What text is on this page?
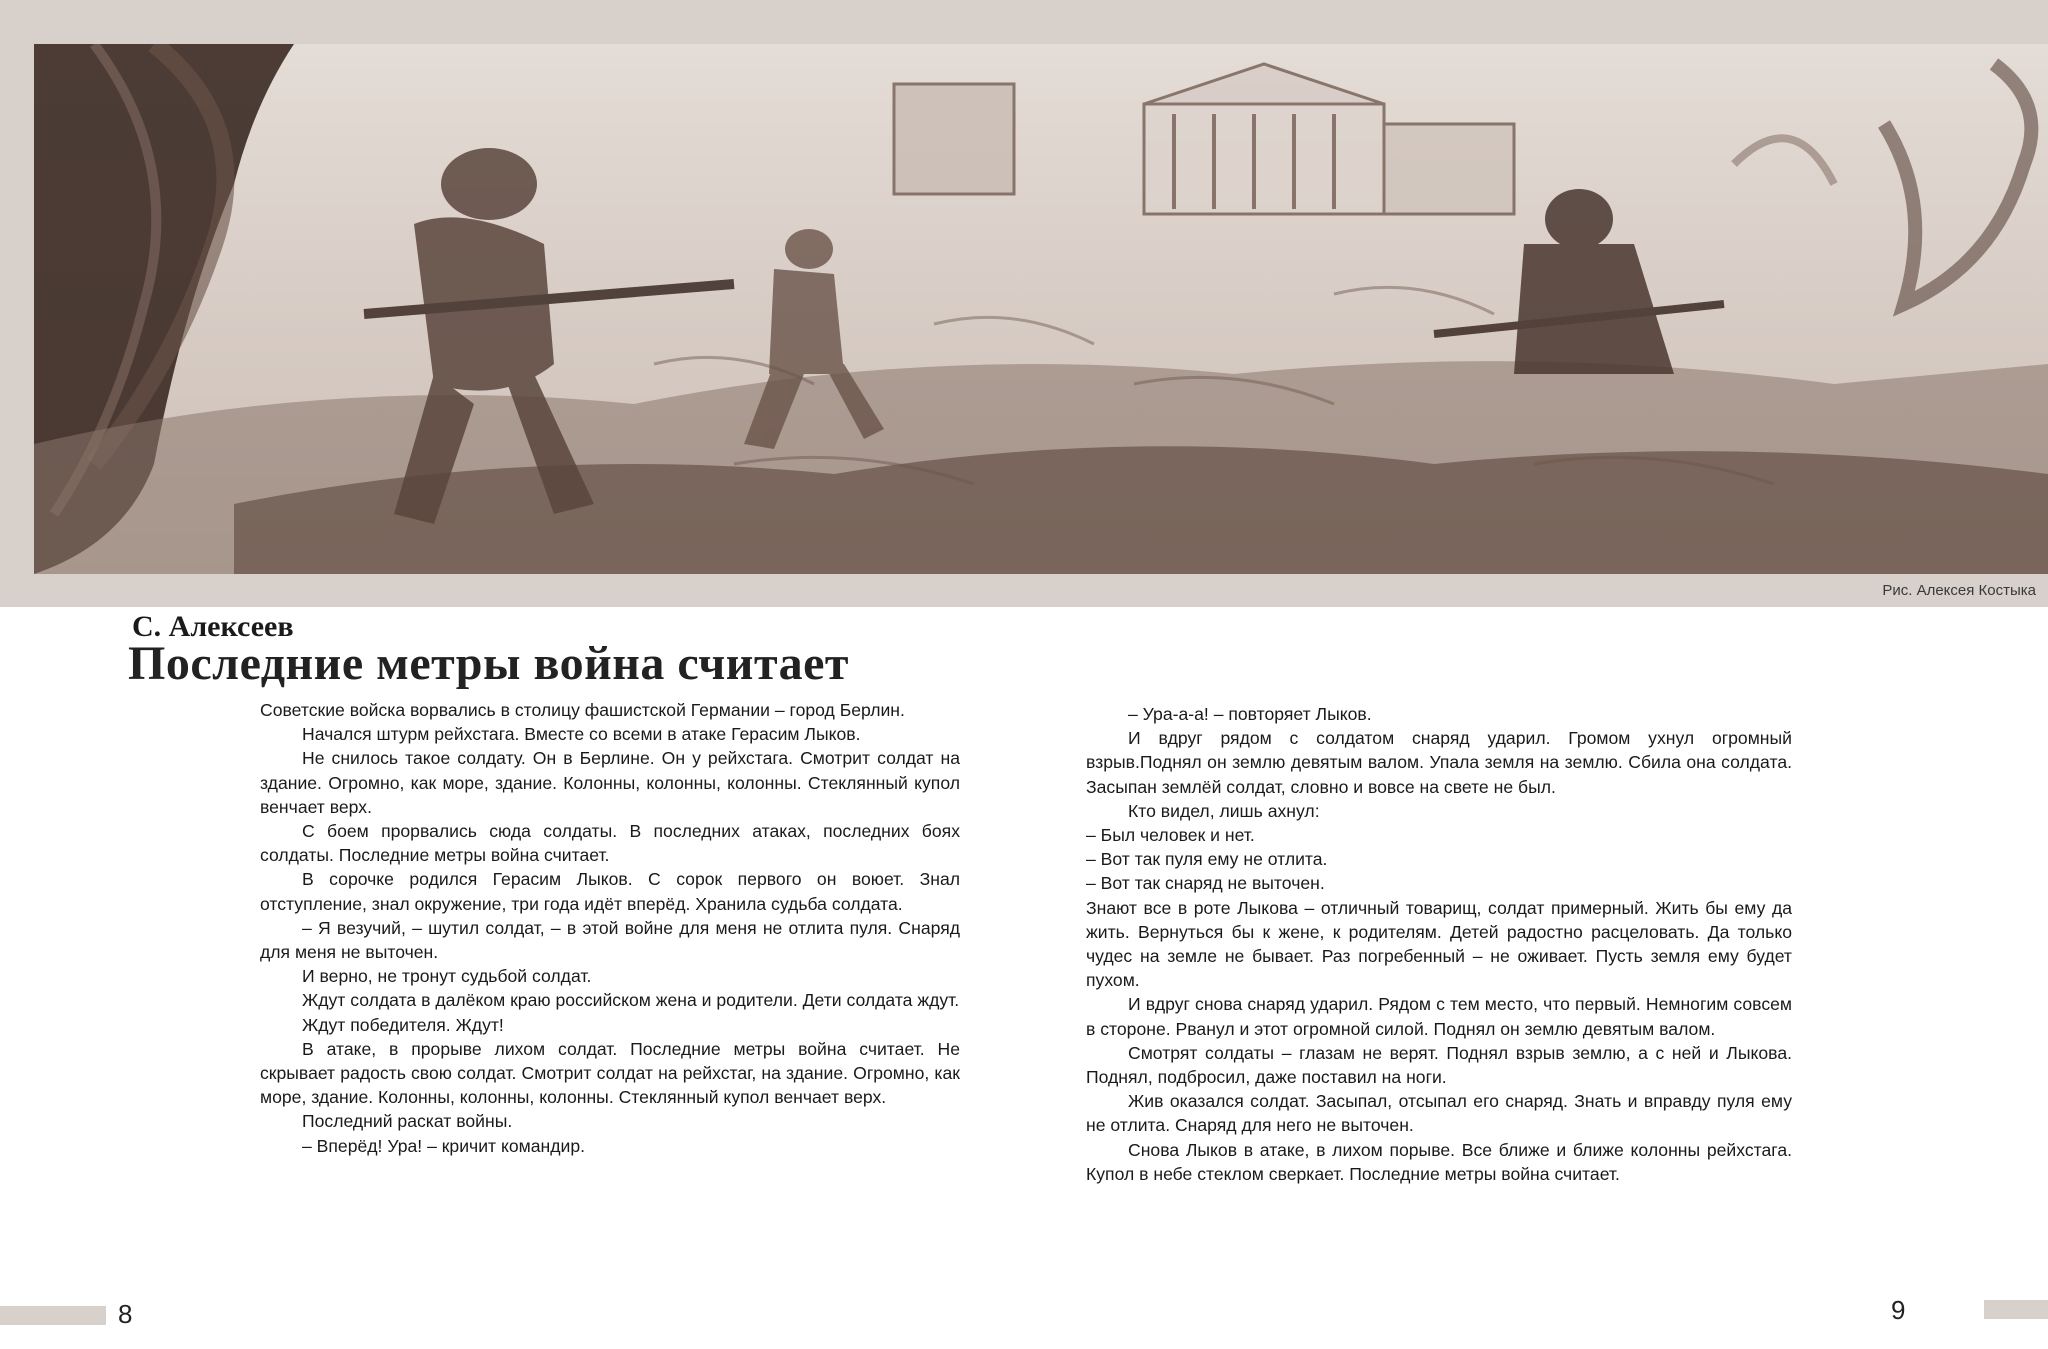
Рис. Алексея Костыка
С. Алексеев
Последние метры война считает

Советские войска ворвались в столицу фашистской Германии – город Берлин.

Начался штурм рейхстага. Вместе со всеми в атаке Герасим Лыков.

Не снилось такое солдату. Он в Берлине. Он у рейхстага. Смотрит солдат на здание. Огромно, как море, здание. Колонны, колонны, колонны. Стеклянный купол венчает верх.

С боем прорвались сюда солдаты. В последних атаках, последних боях солдаты. Последние метры война считает.

В сорочке родился Герасим Лыков. С сорок первого он воюет. Знал отступление, знал окружение, три года идёт вперёд. Хранила судьба солдата.

– Я везучий, – шутил солдат, – в этой войне для меня не отлита пуля. Снаряд для меня не выточен.

И верно, не тронут судьбой солдат.

Ждут солдата в далёком краю российском жена и родители. Дети солдата ждут.

Ждут победителя. Ждут!

В атаке, в прорыве лихом солдат. Последние метры война считает. Не скрывает радость свою солдат. Смотрит солдат на рейхстаг, на здание. Огромно, как море, здание. Колонны, колонны, колонны. Стеклянный купол венчает верх.

Последний раскат войны.

– Вперёд! Ура! – кричит командир.

– Ура-а-а! – повторяет Лыков.

И вдруг рядом с солдатом снаряд ударил. Громом ухнул огромный взрыв.Поднял он землю девятым валом. Упала земля на землю. Сбила она солдата. Засыпан землёй солдат, словно и вовсе на свете не был.

Кто видел, лишь ахнул:

– Был человек и нет.

– Вот так пуля ему не отлита.

– Вот так снаряд не выточен.

Знают все в роте Лыкова – отличный товарищ, солдат примерный. Жить бы ему да жить. Вернуться бы к жене, к родителям. Детей радостно расцеловать. Да только чудес на земле не бывает. Раз погребенный – не оживает. Пусть земля ему будет пухом.

И вдруг снова снаряд ударил. Рядом с тем место, что первый. Немногим совсем в стороне. Рванул и этот огромной силой. Поднял он землю девятым валом.

Смотрят солдаты – глазам не верят. Поднял взрыв землю, а с ней и Лыкова. Поднял, подбросил, даже поставил на ноги.

Жив оказался солдат. Засыпал, отсыпал его снаряд. Знать и вправду пуля ему не отлита. Снаряд для него не выточен.

Снова Лыков в атаке, в лихом порыве. Все ближе и ближе колонны рейхстага. Купол в небе стеклом сверкает. Последние метры война считает.

8	9
